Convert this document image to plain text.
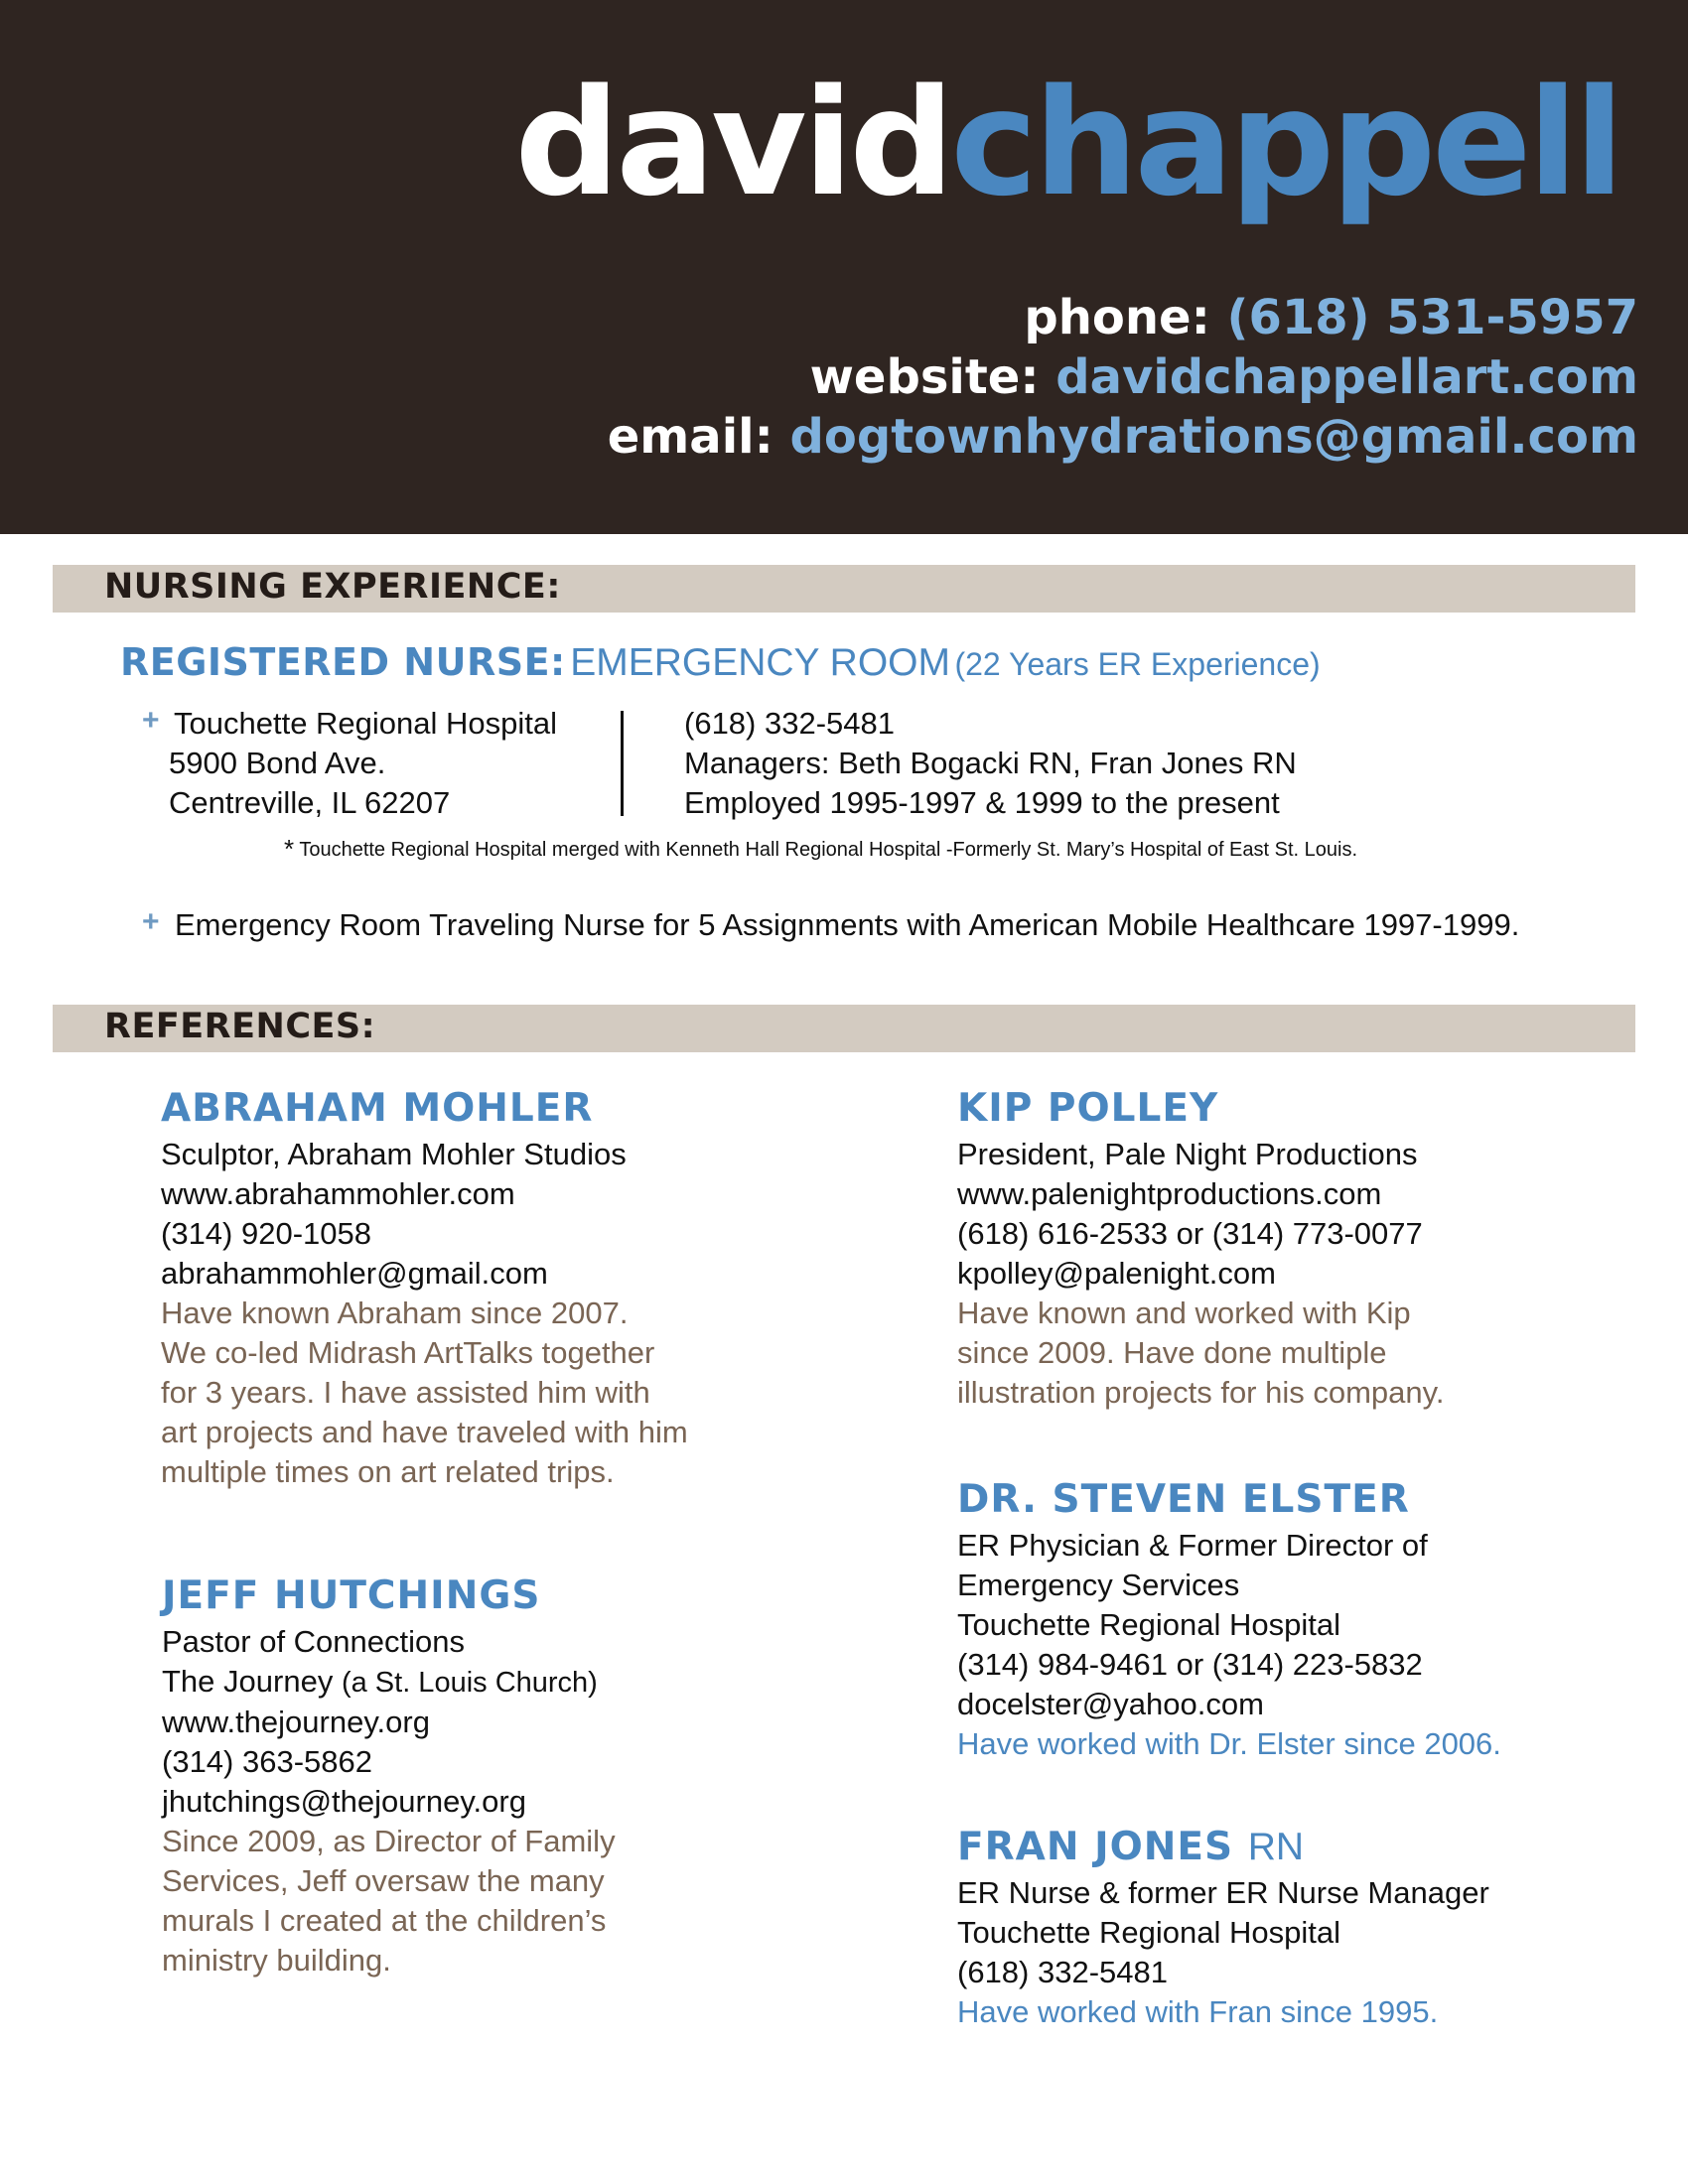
davidchappell
phone: (618) 531-5957
website: davidchappellart.com
email: dogtownhydrations@gmail.com
NURSING EXPERIENCE:
REGISTERED NURSE: EMERGENCY ROOM (22 Years ER Experience)
+ Touchette Regional Hospital
5900 Bond Ave.
Centreville, IL 62207
(618) 332-5481
Managers: Beth Bogacki RN, Fran Jones RN
Employed 1995-1997 & 1999 to the present
* Touchette Regional Hospital merged with Kenneth Hall Regional Hospital -Formerly St. Mary’s Hospital of East St. Louis.
+ Emergency Room Traveling Nurse for 5 Assignments with American Mobile Healthcare 1997-1999.
REFERENCES:
ABRAHAM MOHLER
Sculptor, Abraham Mohler Studios
www.abrahammohler.com
(314) 920-1058
abrahammohler@gmail.com
Have known Abraham since 2007.
We co-led Midrash ArtTalks together
for 3 years. I have assisted him with
art projects and have traveled with him
multiple times on art related trips.
JEFF HUTCHINGS
Pastor of Connections
The Journey (a St. Louis Church)
www.thejourney.org
(314) 363-5862
jhutchings@thejourney.org
Since 2009, as Director of Family
Services, Jeff oversaw the many
murals I created at the children’s
ministry building.
KIP POLLEY
President, Pale Night Productions
www.palenightproductions.com
(618) 616-2533 or (314) 773-0077
kpolley@palenight.com
Have known and worked with Kip
since 2009. Have done multiple
illustration projects for his company.
DR. STEVEN ELSTER
ER Physician & Former Director of
Emergency Services
Touchette Regional Hospital
(314) 984-9461 or (314) 223-5832
docelster@yahoo.com
Have worked with Dr. Elster since 2006.
FRAN JONES RN
ER Nurse & former ER Nurse Manager
Touchette Regional Hospital
(618) 332-5481
Have worked with Fran since 1995.
